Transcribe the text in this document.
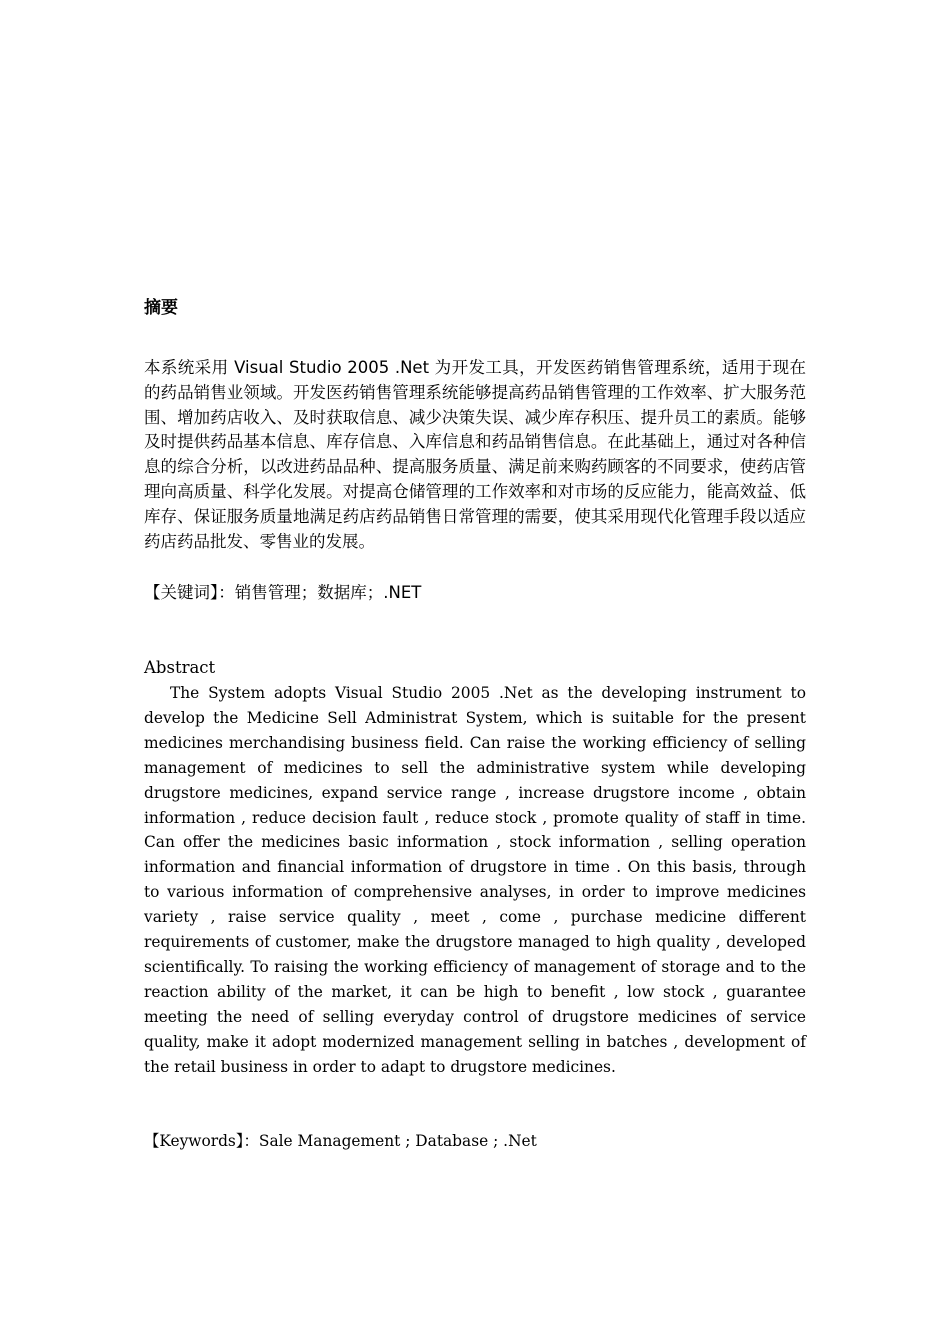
摘要

本系统采用 Visual Studio 2005 .Net 为开发工具，开发医药销售管理系统，适用于现在的药品销售业领域。开发医药销售管理系统能够提高药品销售管理的工作效率、扩大服务范围、增加药店收入、及时获取信息、减少决策失误、减少库存积压、提升员工的素质。能够及时提供药品基本信息、库存信息、入库信息和药品销售信息。在此基础上，通过对各种信息的综合分析，以改进药品品种、提高服务质量、满足前来购药顾客的不同要求，使药店管理向高质量、科学化发展。对提高仓储管理的工作效率和对市场的反应能力，能高效益、低库存、保证服务质量地满足药店药品销售日常管理的需要，使其采用现代化管理手段以适应药店药品批发、零售业的发展。

【关键词】：销售管理；数据库；.NET

Abstract

The System adopts Visual Studio 2005 .Net as the developing instrument to develop the Medicine Sell Administrat System, which is suitable for the present medicines merchandising business field. Can raise the working efficiency of selling management of medicines to sell the administrative system while developing drugstore medicines, expand service range , increase drugstore income , obtain information , reduce decision fault , reduce stock , promote quality of staff in time. Can offer the medicines basic information , stock information , selling operation information and financial information of drugstore in time . On this basis, through to various information of comprehensive analyses, in order to improve medicines variety , raise service quality , meet , come , purchase medicine different requirements of customer, make the drugstore managed to high quality , developed scientifically. To raising the working efficiency of management of storage and to the reaction ability of the market, it can be high to benefit , low stock , guarantee meeting the need of selling everyday control of drugstore medicines of service quality, make it adopt modernized management selling in batches , development of the retail business in order to adapt to drugstore medicines.

【Keywords】：Sale Management ; Database ; .Net
